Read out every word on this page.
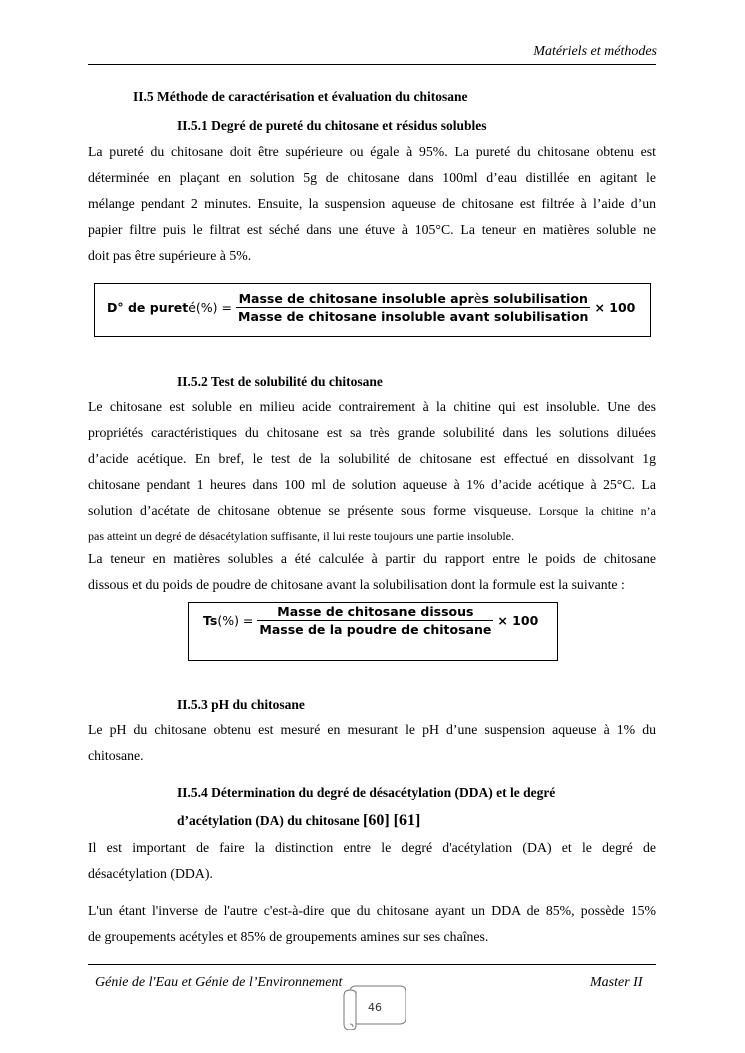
Matériels et méthodes
II.5 Méthode de caractérisation et évaluation du chitosane
II.5.1 Degré de pureté du chitosane et résidus solubles
La pureté du chitosane doit être supérieure ou égale à 95%. La pureté du chitosane obtenu est
déterminée en plaçant en solution 5g de chitosane dans 100ml d’eau distillée en agitant le
mélange pendant 2 minutes. Ensuite, la suspension aqueuse de chitosane est filtrée à l’aide d’un
papier filtre puis le filtrat est séché dans une étuve à 105°C. La teneur en matières soluble ne
doit pas être supérieure à 5%.
D° de pureté(%) = $\frac{\text{Masse de chitosane insoluble après solubilisation}}{\text{Masse de chitosane insoluble avant solubilisation}} \times 100$
II.5.2 Test de solubilité du chitosane
Le chitosane est soluble en milieu acide contrairement à la chitine qui est insoluble. Une des
propriétés caractéristiques du chitosane est sa très grande solubilité dans les solutions diluées
d’acide acétique. En bref, le test de la solubilité de chitosane est effectué en dissolvant 1g
chitosane pendant 1 heures dans 100 ml de solution aqueuse à 1% d’acide acétique à 25°C. La
solution d’acétate de chitosane obtenue se présente sous forme visqueuse. Lorsque la chitine n’a
pas atteint un degré de désacétylation suffisante, il lui reste toujours une partie insoluble.
La teneur en matières solubles a été calculée à partir du rapport entre le poids de chitosane
dissous et du poids de poudre de chitosane avant la solubilisation dont la formule est la suivante :
$Ts(\%) = \frac{\text{Masse de chitosane dissous}}{\text{Masse de la poudre de chitosane}} \times 100$
II.5.3 pH du chitosane
Le pH du chitosane obtenu est mesuré en mesurant le pH d’une suspension aqueuse à 1% du
chitosane.
II.5.4 Détermination du degré de désacétylation (DDA) et le degré
d’acétylation (DA) du chitosane [60] [61]
Il est important de faire la distinction entre le degré d'acétylation (DA) et le degré de
désacétylation (DDA).
L'un étant l'inverse de l'autre c'est-à-dire que du chitosane ayant un DDA de 85%, possède 15%
de groupements acétyles et 85% de groupements amines sur ses chaînes.
Génie de l'Eau et Génie de l’Environnement	Master II
46
